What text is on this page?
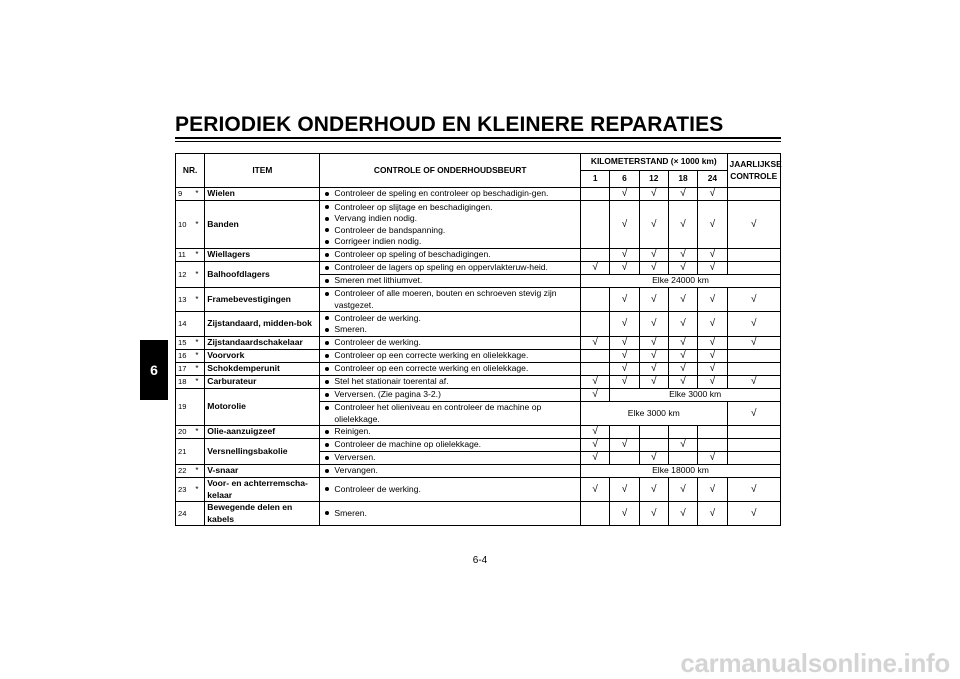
PERIODIEK ONDERHOUD EN KLEINERE REPARATIES
6
NR.		ITEM	CONTROLE OF ONDERHOUDSBEURT	KILOMETERSTAND (× 1000 km)					JAARLIJKSE
CONTROLE
				1	6	12	18	24	
9	*	Wielen	Controleer de speling en controleer op beschadigin-gen.		√	√	√	√	
10	*	Banden	Controleer op slijtage en beschadigingen.
Vervang indien nodig.
Controleer de bandspanning.
Corrigeer indien nodig.		√	√	√	√	√
11	*	Wiellagers	Controleer op speling of beschadigingen.		√	√	√	√	
12	*	Balhoofdlagers	Controleer de lagers op speling en oppervlakteruw-heid.	√	√	√	√	√	

			Smeren met lithiumvet.	Elke 24000 km					
13	*	Framebevestigingen	Controleer of alle moeren, bouten en schroeven stevig zijn vastgezet.		√	√	√	√	√
14		Zijstandaard, midden-bok	Controleer de werking.
Smeren.		√	√	√	√	√
15	*	Zijstandaardschakelaar	Controleer de werking.	√	√	√	√	√	√
16	*	Voorvork	Controleer op een correcte werking en olielekkage.		√	√	√	√	
17	*	Schokdemperunit	Controleer op een correcte werking en olielekkage.		√	√	√	√	
18	*	Carburateur	Stel het stationair toerental af.	√	√	√	√	√	√
19		Motorolie	Verversen. (Zie pagina 3-2.)	√	Elke 3000 km				

			Controleer het olieniveau en controleer de machine op olielekkage.	Elke 3000 km					√
20	*	Olie-aanzuigzeef	Reinigen.	√					
21		Versnellingsbakolie	Controleer de machine op olielekkage.	√	√		√		

			Verversen.	√		√		√	
22	*	V-snaar	Vervangen.	Elke 18000 km					
23	*	Voor- en achterremscha-kelaar	Controleer de werking.	√	√	√	√	√	√
24		Bewegende delen en kabels	Smeren.		√	√	√	√	√
6-4
carmanualsonline.info
